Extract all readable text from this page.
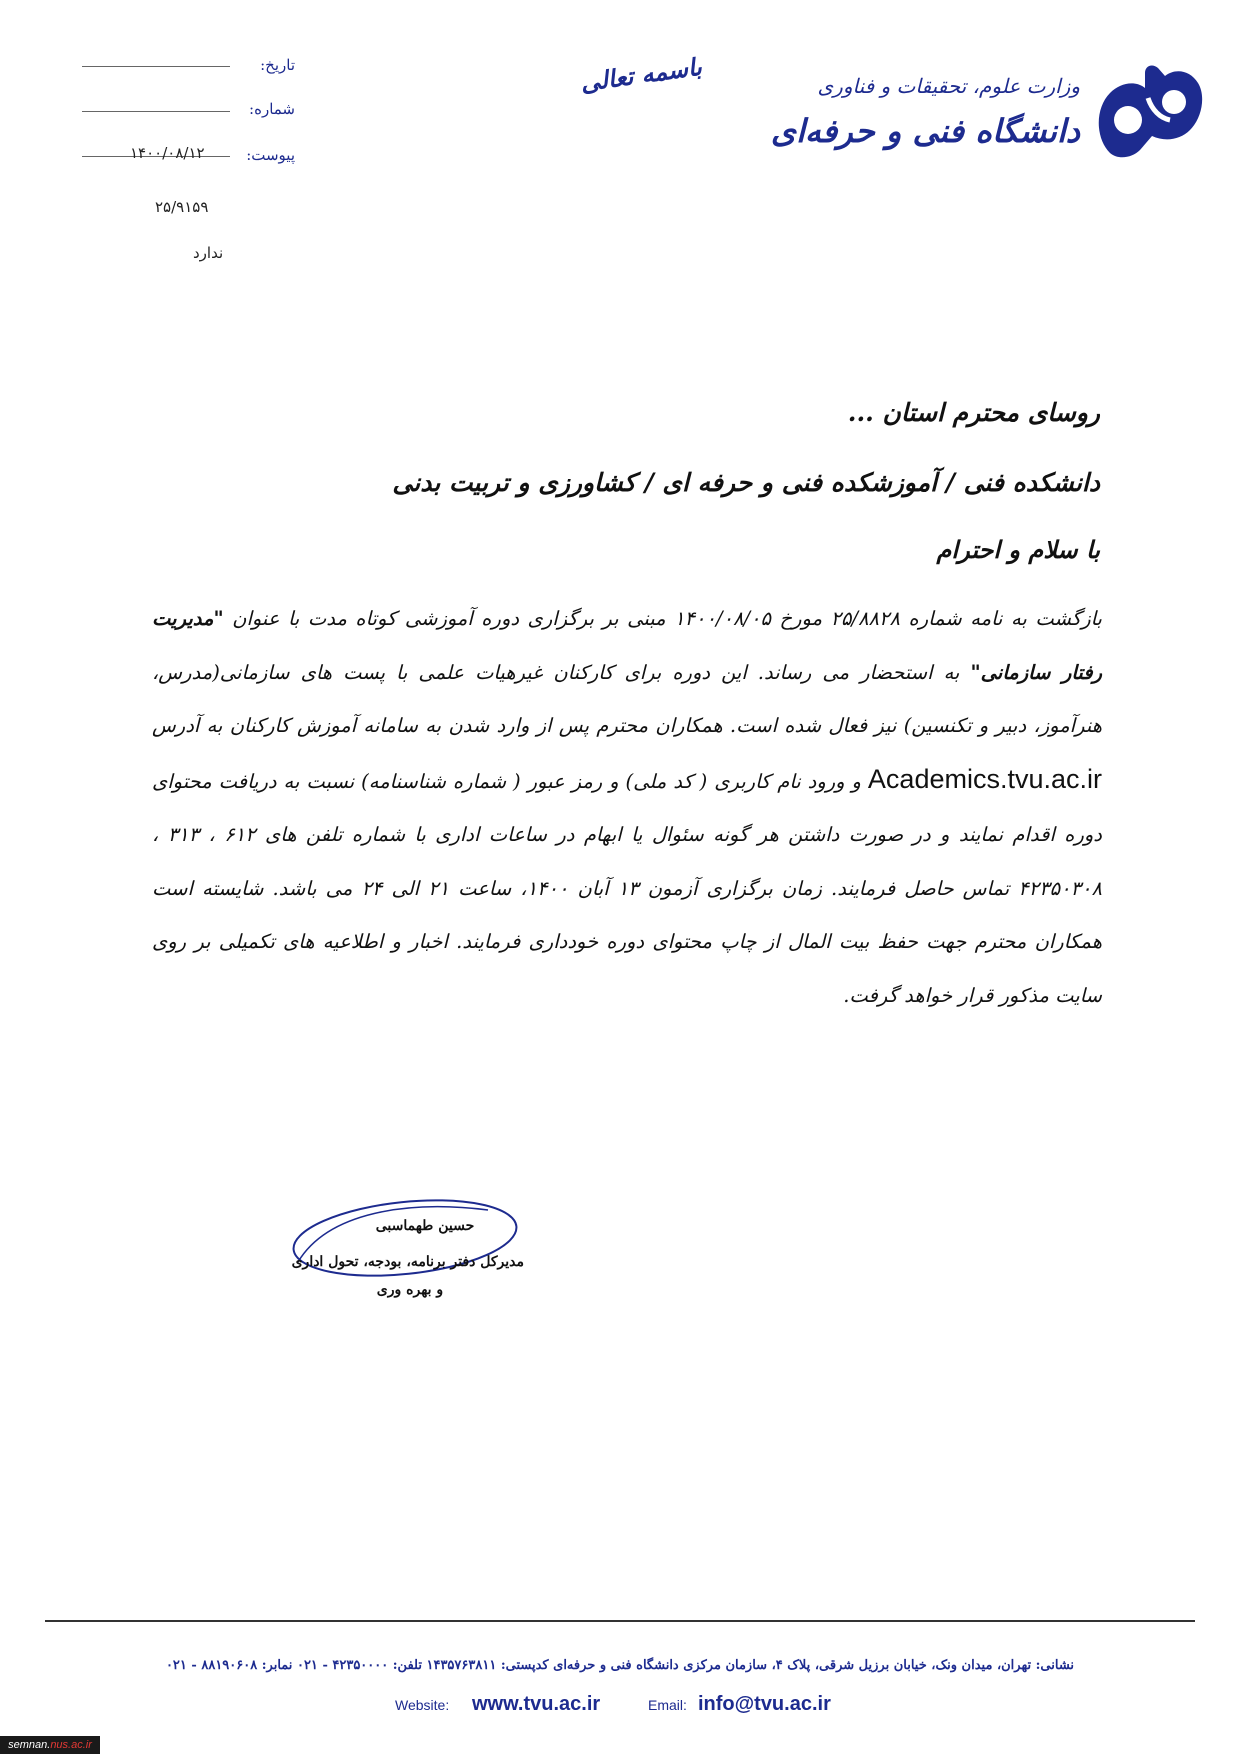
وزارت علوم، تحقیقات و فناوری
دانشگاه فنی و حرفه‌ای
باسمه تعالی
تاریخ:
شماره:
پیوست:
۱۴۰۰/۰۸/۱۲
۲۵/۹۱۵۹
ندارد
روسای محترم استان ...
دانشکده فنی / آموزشکده فنی و حرفه ای / کشاورزی و تربیت بدنی
با سلام و احترام
بازگشت به نامه شماره ۲۵/۸۸۲۸ مورخ ۱۴۰۰/۰۸/۰۵ مبنی بر برگزاری دوره آموزشی کوتاه مدت با عنوان "مدیریت رفتار سازمانی" به استحضار می رساند. این دوره برای کارکنان غیرهیات علمی با پست های سازمانی(مدرس، هنرآموز، دبیر و تکنسین) نیز فعال شده است. همکاران محترم پس از وارد شدن به سامانه آموزش کارکنان به آدرس Academics.tvu.ac.ir و ورود نام کاربری ( کد ملی) و رمز عبور ( شماره شناسنامه) نسبت به دریافت محتوای دوره اقدام نمایند و در صورت داشتن هر گونه سئوال یا ابهام در ساعات اداری با شماره تلفن های ۶۱۲ ، ۳۱۳ ، ۴۲۳۵۰۳۰۸ تماس حاصل فرمایند. زمان برگزاری آزمون ۱۳ آبان ۱۴۰۰، ساعت ۲۱ الی ۲۴ می باشد. شایسته است همکاران محترم جهت حفظ بیت المال از چاپ محتوای دوره خودداری فرمایند. اخبار و اطلاعیه های تکمیلی بر روی سایت مذکور قرار خواهد گرفت.
حسین طهماسبی
مدیرکل دفتر برنامه، بودجه، تحول اداری
و بهره وری
نشانی: تهران، میدان ونک، خیابان برزیل شرقی، پلاک ۴، سازمان مرکزی دانشگاه فنی و حرفه‌ای کدپستی: ۱۴۳۵۷۶۳۸۱۱ تلفن: ۴۲۳۵۰۰۰۰ - ۰۲۱ نمابر: ۸۸۱۹۰۶۰۸ - ۰۲۱
Website: www.tvu.ac.ir	Email: info@tvu.ac.ir
semnan.nus.ac.ir
